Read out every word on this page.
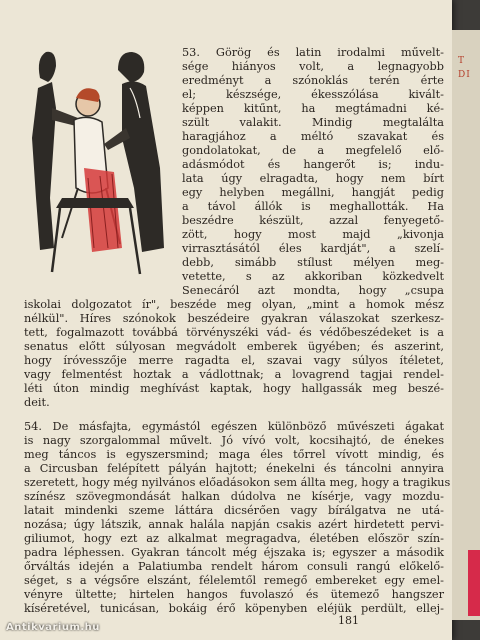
53. Görög és latin irodalmi művelt-
sége hiányos volt, a legnagyobb
eredményt a szónoklás terén érte
el; készsége, ékesszólása kivált-
képpen kitűnt, ha megtámadni ké-
szült valakit. Mindig megtalálta
haragjához a méltó szavakat és
gondolatokat, de a megfelelő elő-
adásmódot és hangerőt is; indu-
lata úgy elragadta, hogy nem bírt
egy helyben megállni, hangját pedig
a távol állók is meghallották. Ha
beszédre készült, azzal fenyegető-
zött, hogy most majd „kivonja
virrasztásától éles kardját", a szelí-
debb, simább stílust mélyen meg-
vetette, s az akkoriban közkedvelt
Senecáról azt mondta, hogy „csupa
iskolai dolgozatot ír", beszéde meg olyan, „mint a homok mész
nélkül". Híres szónokok beszédeire gyakran válaszokat szerkesz-
tett, fogalmazott továbbá törvényszéki vád- és védőbeszédeket is a
senatus előtt súlyosan megvádolt emberek ügyében; és aszerint,
hogy íróvesszője merre ragadta el, szavai vagy súlyos ítéletet,
vagy felmentést hoztak a vádlottnak; a lovagrend tagjai rendel-
léti úton mindig meghívást kaptak, hogy hallgassák meg beszé-
deit.
54. De másfajta, egymástól egészen különböző művészeti ágakat
is nagy szorgalommal művelt. Jó vívó volt, kocsihajtó, de énekes
meg táncos is egyszersmind; maga éles tőrrel vívott mindig, és
a Circusban felépített pályán hajtott; énekelni és táncolni annyira
szeretett, hogy még nyilvános előadásokon sem állta meg, hogy a tragikus
színész szövegmondását halkan dúdolva ne kísérje, vagy mozdu-
latait mindenki szeme láttára dicsérően vagy bírálgatva ne utá-
nozása; úgy látszik, annak halála napján csakis azért hirdetett pervi-
giliumot, hogy ezt az alkalmat megragadva, életében először szín-
padra léphessen. Gyakran táncolt még éjszaka is; egyszer a második
őrváltás idején a Palatiumba rendelt három consuli rangú előkelő-
séget, s a végsőre elszánt, félelemtől remegő embereket egy emel-
vényre ültette; hirtelen hangos fuvolaszó és ütemező hangszer
kíséretével, tunicásan, bokáig érő köpenyben eléjük perdült, ellej-
181
T
DI
Antikvarium.hu
